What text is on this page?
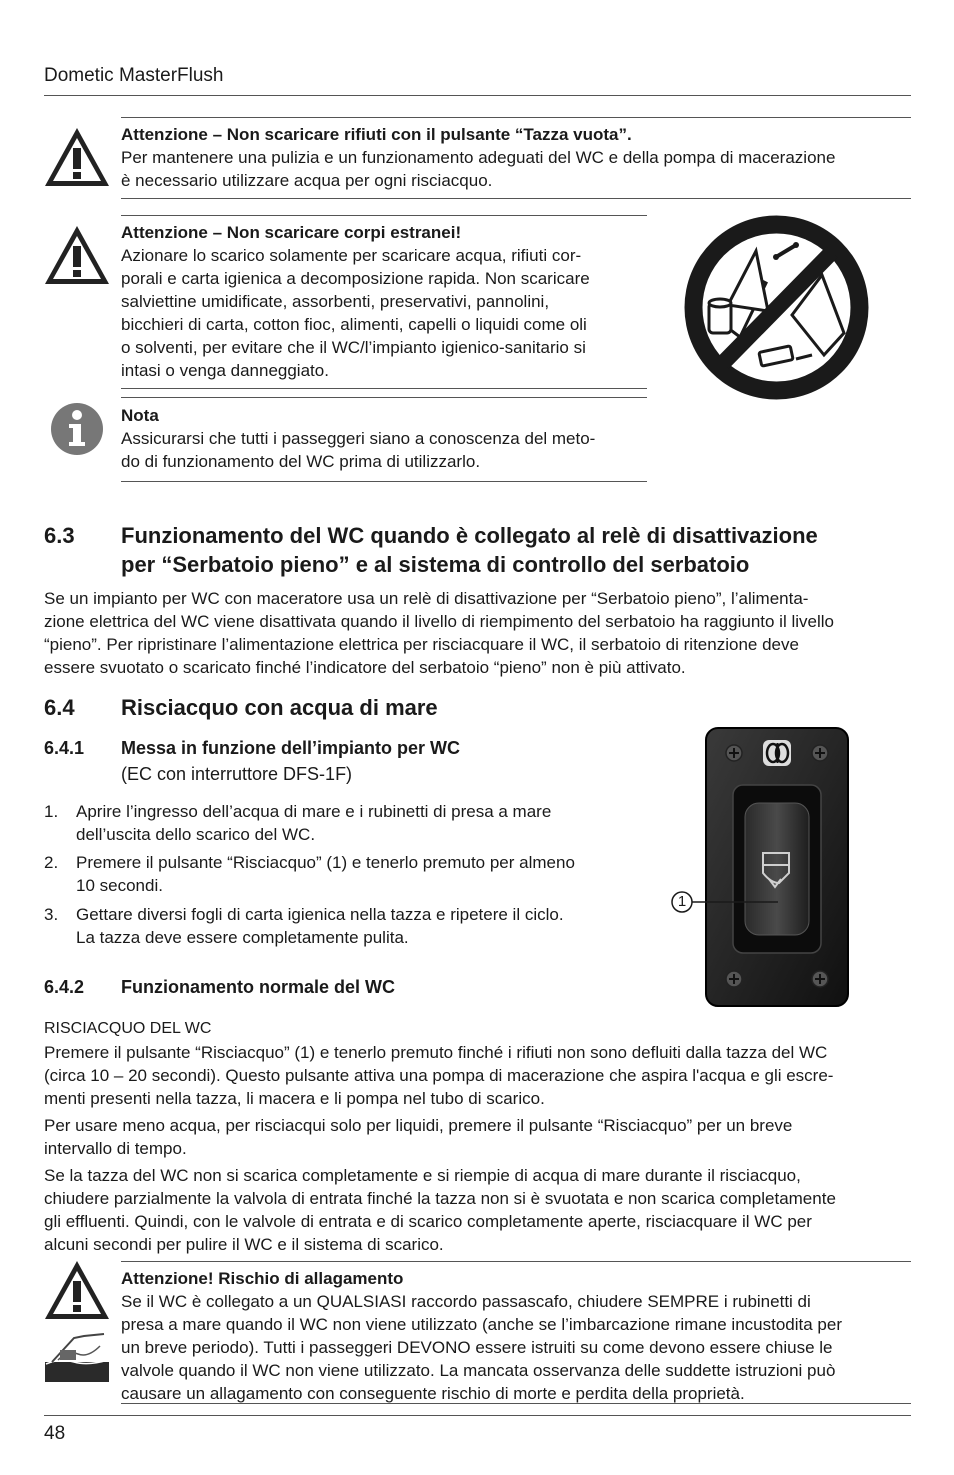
Dometic MasterFlush
Attenzione – Non scaricare rifiuti con il pulsante “Tazza vuota”.
Per mantenere una pulizia e un funzionamento adeguati del WC e della pompa di macerazione
è necessario utilizzare acqua per ogni risciacquo.
Attenzione – Non scaricare corpi estranei!
Azionare lo scarico solamente per scaricare acqua, rifiuti cor-
porali e carta igienica a decomposizione rapida. Non scaricare
salviettine umidificate, assorbenti, preservativi, pannolini,
bicchieri di carta, cotton fioc, alimenti, capelli o liquidi come oli
o solventi, per evitare che il WC/l’impianto igienico-sanitario si
intasi o venga danneggiato.
Nota
Assicurarsi che tutti i passeggeri siano a conoscenza del meto-
do di funzionamento del WC prima di utilizzarlo.
6.3 Funzionamento del WC quando è collegato al relè di disattivazione
per “Serbatoio pieno” e al sistema di controllo del serbatoio
Se un impianto per WC con maceratore usa un relè di disattivazione per “Serbatoio pieno”, l’alimenta-
zione elettrica del WC viene disattivata quando il livello di riempimento del serbatoio ha raggiunto il livello
“pieno”. Per ripristinare l’alimentazione elettrica per risciacquare il WC, il serbatoio di ritenzione deve
essere svuotato o scaricato finché l’indicatore del serbatoio “pieno” non è più attivato.
6.4 Risciacquo con acqua di mare
6.4.1 Messa in funzione dell’impianto per WC
(EC con interruttore DFS-1F)
1. Aprire l’ingresso dell’acqua di mare e i rubinetti di presa a mare
dell’uscita dello scarico del WC.
2. Premere il pulsante “Risciacquo” (1) e tenerlo premuto per almeno
10 secondi.
3. Gettare diversi fogli di carta igienica nella tazza e ripetere il ciclo.
La tazza deve essere completamente pulita.
1
6.4.2 Funzionamento normale del WC
RISCIACQUO DEL WC
Premere il pulsante “Risciacquo” (1) e tenerlo premuto finché i rifiuti non sono defluiti dalla tazza del WC
(circa 10 – 20 secondi). Questo pulsante attiva una pompa di macerazione che aspira l'acqua e gli escre-
menti presenti nella tazza, li macera e li pompa nel tubo di scarico.
Per usare meno acqua, per risciacqui solo per liquidi, premere il pulsante “Risciacquo” per un breve
intervallo di tempo.
Se la tazza del WC non si scarica completamente e si riempie di acqua di mare durante il risciacquo,
chiudere parzialmente la valvola di entrata finché la tazza non si è svuotata e non scarica completamente
gli effluenti. Quindi, con le valvole di entrata e di scarico completamente aperte, risciacquare il WC per
alcuni secondi per pulire il WC e il sistema di scarico.
Attenzione! Rischio di allagamento
Se il WC è collegato a un QUALSIASI raccordo passascafo, chiudere SEMPRE i rubinetti di
presa a mare quando il WC non viene utilizzato (anche se l’imbarcazione rimane incustodita per
un breve periodo). Tutti i passeggeri DEVONO essere istruiti su come devono essere chiuse le
valvole quando il WC non viene utilizzato. La mancata osservanza delle suddette istruzioni può
causare un allagamento con conseguente rischio di morte e perdita della proprietà.
48
